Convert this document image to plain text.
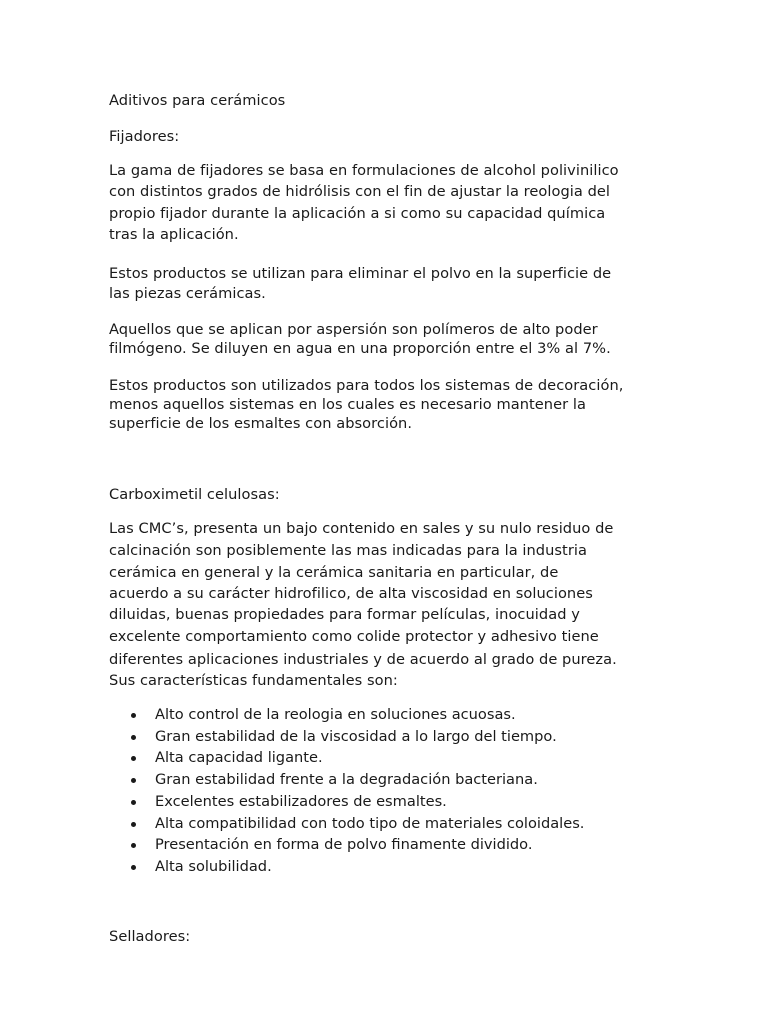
Aditivos para cerámicos
Fijadores:
La gama de fijadores se basa en formulaciones de alcohol polivinilico
con distintos grados de hidrólisis con el fin de ajustar la reologia del
propio fijador durante la aplicación a si como su capacidad química
tras la aplicación.
Estos productos se utilizan para eliminar el polvo en la superficie de
las piezas cerámicas.
Aquellos que se aplican por aspersión son polímeros de alto poder
filmógeno. Se diluyen en agua en una proporción entre el 3% al 7%.
Estos productos son utilizados para todos los sistemas de decoración,
menos aquellos sistemas en los cuales es necesario mantener la
superficie de los esmaltes con absorción.
Carboximetil celulosas:
Las CMC’s, presenta un bajo contenido en sales y su nulo residuo de
calcinación son posiblemente las mas indicadas para la industria
cerámica en general y la cerámica sanitaria en particular, de
acuerdo a su carácter hidrofilico, de alta viscosidad en soluciones
diluidas, buenas propiedades para formar películas, inocuidad y
excelente comportamiento como colide protector y adhesivo tiene
diferentes aplicaciones industriales y de acuerdo al grado de pureza.
Sus características fundamentales son:
Alto control de la reologia en soluciones acuosas.
Gran estabilidad de la viscosidad a lo largo del tiempo.
Alta capacidad ligante.
Gran estabilidad frente a la degradación bacteriana.
Excelentes estabilizadores de esmaltes.
Alta compatibilidad con todo tipo de materiales coloidales.
Presentación en forma de polvo finamente dividido.
Alta solubilidad.
Selladores:
